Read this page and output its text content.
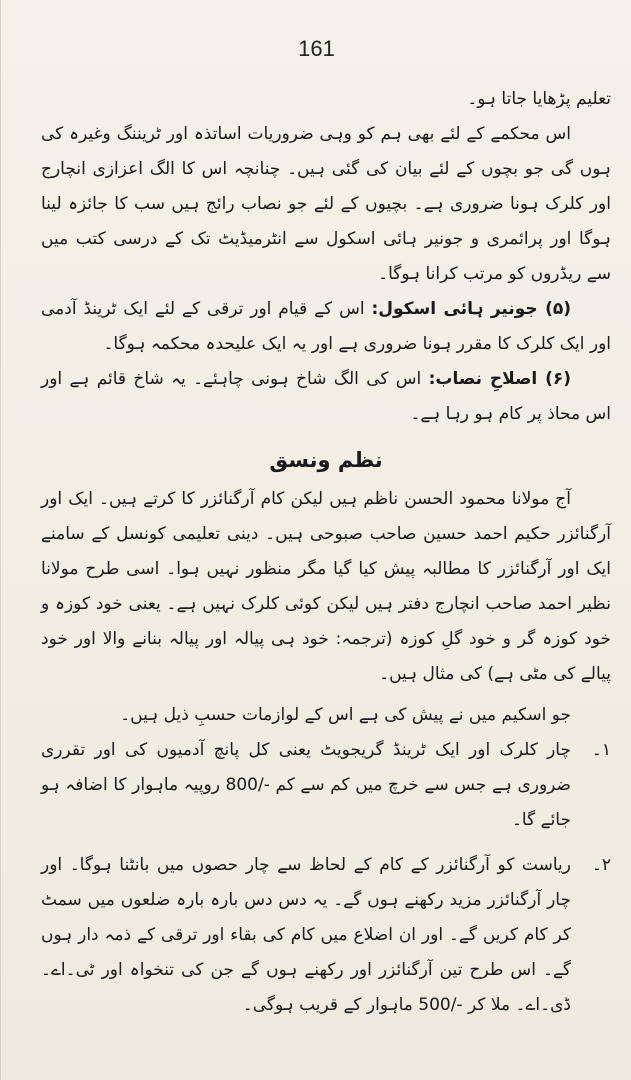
161

تعلیم پڑھایا جاتا ہو۔

اس محکمے کے لئے بھی ہم کو وہی ضروریات اساتذہ اور ٹریننگ وغیرہ کی ہوں گی جو بچوں کے لئے بیان کی گئی ہیں۔ چنانچہ اس کا الگ اعزازی انچارج اور کلرک ہونا ضروری ہے۔ بچیوں کے لئے جو نصاب رائج ہیں سب کا جائزہ لینا ہوگا اور پرائمری و جونیر ہائی اسکول سے انٹرمیڈیٹ تک کے درسی کتب میں سے ریڈروں کو مرتب کرانا ہوگا۔

(۵) جونیر ہائی اسکول: اس کے قیام اور ترقی کے لئے ایک ٹرینڈ آدمی اور ایک کلرک کا مقرر ہونا ضروری ہے اور یہ ایک علیحدہ محکمہ ہوگا۔

(۶) اصلاحِ نصاب: اس کی الگ شاخ ہونی چاہئے۔ یہ شاخ قائم ہے اور اس محاذ پر کام ہو رہا ہے۔

نظم ونسق

آج مولانا محمود الحسن ناظم ہیں لیکن کام آرگنائزر کا کرتے ہیں۔ ایک اور آرگنائزر حکیم احمد حسین صاحب صبوحی ہیں۔ دینی تعلیمی کونسل کے سامنے ایک اور آرگنائزر کا مطالبہ پیش کیا گیا مگر منظور نہیں ہوا۔ اسی طرح مولانا نظیر احمد صاحب انچارج دفتر ہیں لیکن کوئی کلرک نہیں ہے۔ یعنی خود کوزہ و خود کوزہ گر و خود گلِ کوزہ (ترجمہ: خود ہی پیالہ اور پیالہ بنانے والا اور خود پیالے کی مٹی ہے) کی مثال ہیں۔

جو اسکیم میں نے پیش کی ہے اس کے لوازمات حسبِ ذیل ہیں۔

۱۔
چار کلرک اور ایک ٹرینڈ گریجویٹ یعنی کل پانچ آدمیوں کی اور تقرری ضروری ہے جس سے خرچ میں کم سے کم -/800 روپیہ ماہوار کا اضافہ ہو جائے گا۔
۲۔
ریاست کو آرگنائزر کے کام کے لحاظ سے چار حصوں میں بانٹنا ہوگا۔ اور چار آرگنائزر مزید رکھنے ہوں گے۔ یہ دس دس بارہ بارہ ضلعوں میں سمٹ کر کام کریں گے۔ اور ان اضلاع میں کام کی بقاء اور ترقی کے ذمہ دار ہوں گے۔ اس طرح تین آرگنائزر اور رکھنے ہوں گے جن کی تنخواہ اور ٹی۔اے۔ڈی۔اے۔ ملا کر -/500 ماہوار کے قریب ہوگی۔
